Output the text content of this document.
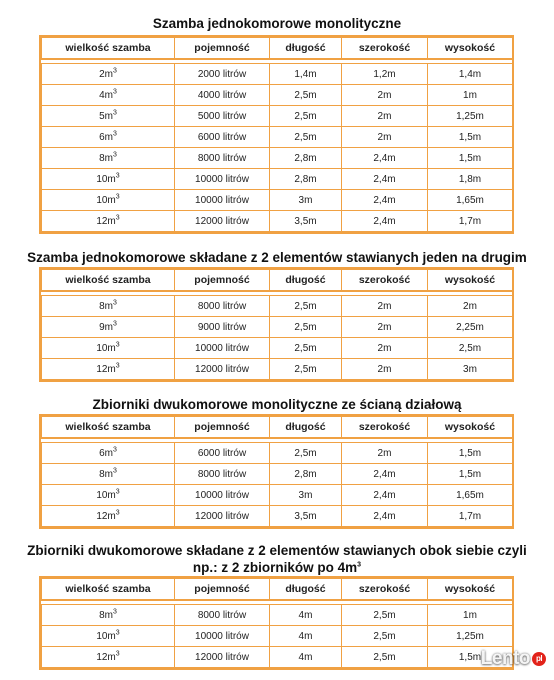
Szamba jednokomorowe monolityczne
wielkość szamba	pojemność	długość	szerokość	wysokość

$2m^3$	2000 litrów	1,4m	1,2m	1,4m
$4m^3$	4000 litrów	2,5m	2m	1m
$5m^3$	5000 litrów	2,5m	2m	1,25m
$6m^3$	6000 litrów	2,5m	2m	1,5m
$8m^3$	8000 litrów	2,8m	2,4m	1,5m
$10m^3$	10000 litrów	2,8m	2,4m	1,8m
$10m^3$	10000 litrów	3m	2,4m	1,65m
$12m^3$	12000 litrów	3,5m	2,4m	1,7m
Szamba jednokomorowe składane z 2 elementów stawianych jeden na drugim
wielkość szamba	pojemność	długość	szerokość	wysokość

$8m^3$	8000 litrów	2,5m	2m	2m
$9m^3$	9000 litrów	2,5m	2m	2,25m
$10m^3$	10000 litrów	2,5m	2m	2,5m
$12m^3$	12000 litrów	2,5m	2m	3m
Zbiorniki dwukomorowe monolityczne ze ścianą działową
wielkość szamba	pojemność	długość	szerokość	wysokość

$6m^3$	6000 litrów	2,5m	2m	1,5m
$8m^3$	8000 litrów	2,8m	2,4m	1,5m
$10m^3$	10000 litrów	3m	2,4m	1,65m
$12m^3$	12000 litrów	3,5m	2,4m	1,7m
Zbiorniki dwukomorowe składane z 2 elementów stawianych obok siebie czyli
np.: z 2 zbiorników po $4m^3$
wielkość szamba	pojemność	długość	szerokość	wysokość

$8m^3$	8000 litrów	4m	2,5m	1m
$10m^3$	10000 litrów	4m	2,5m	1,25m
$12m^3$	12000 litrów	4m	2,5m	1,5m Lento pl
